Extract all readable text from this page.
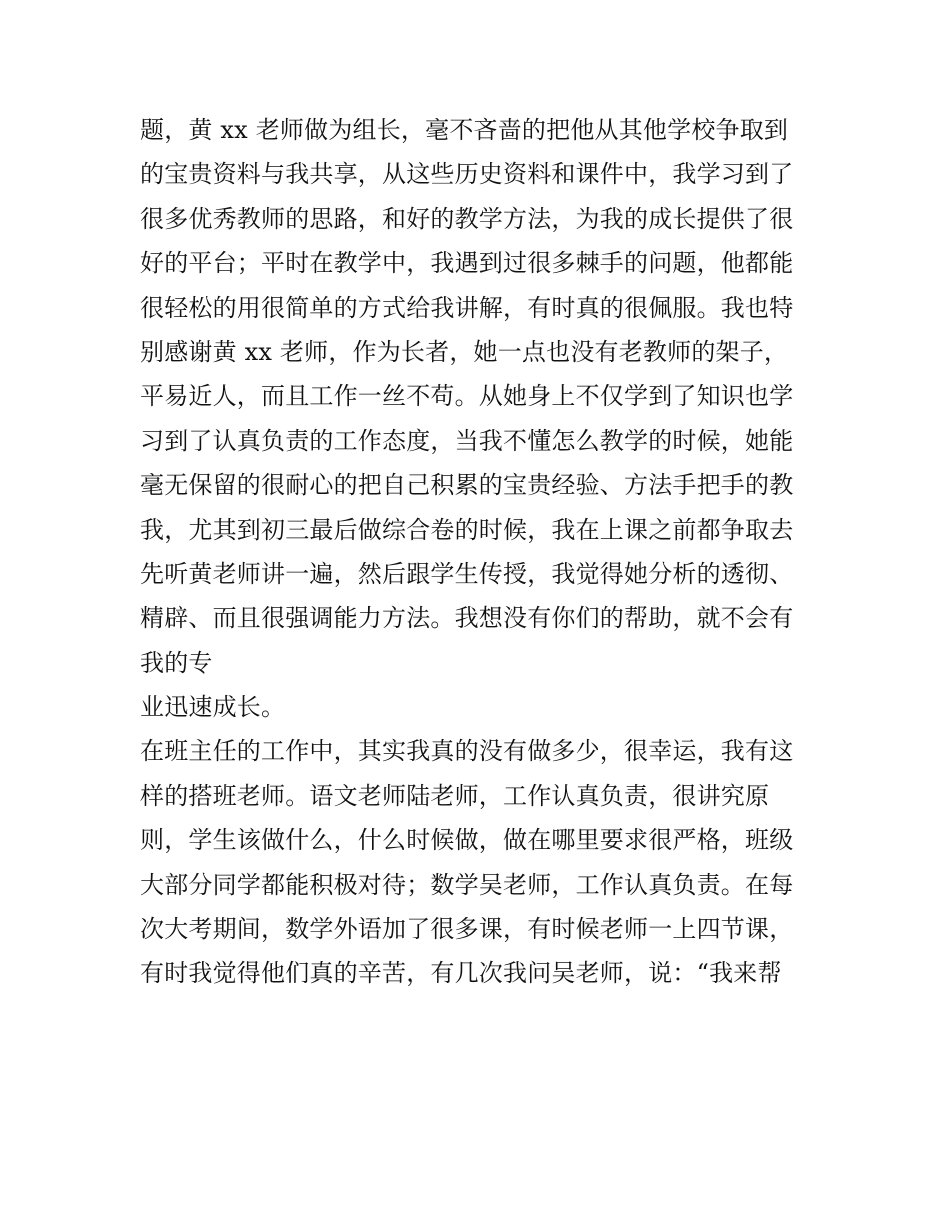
题，黄 xx 老师做为组长，毫不吝啬的把他从其他学校争取到
的宝贵资料与我共享，从这些历史资料和课件中，我学习到了
很多优秀教师的思路，和好的教学方法，为我的成长提供了很
好的平台；平时在教学中，我遇到过很多棘手的问题，他都能
很轻松的用很简单的方式给我讲解，有时真的很佩服。我也特
别感谢黄 xx 老师，作为长者，她一点也没有老教师的架子，
平易近人，而且工作一丝不苟。从她身上不仅学到了知识也学
习到了认真负责的工作态度，当我不懂怎么教学的时候，她能
毫无保留的很耐心的把自己积累的宝贵经验、方法手把手的教
我，尤其到初三最后做综合卷的时候，我在上课之前都争取去
先听黄老师讲一遍，然后跟学生传授，我觉得她分析的透彻、
精辟、而且很强调能力方法。我想没有你们的帮助，就不会有
我的专
业迅速成长。
在班主任的工作中，其实我真的没有做多少，很幸运，我有这
样的搭班老师。语文老师陆老师，工作认真负责，很讲究原
则，学生该做什么，什么时候做，做在哪里要求很严格，班级
大部分同学都能积极对待；数学吴老师，工作认真负责。在每
次大考期间，数学外语加了很多课，有时候老师一上四节课，
有时我觉得他们真的辛苦，有几次我问吴老师，说：“我来帮
